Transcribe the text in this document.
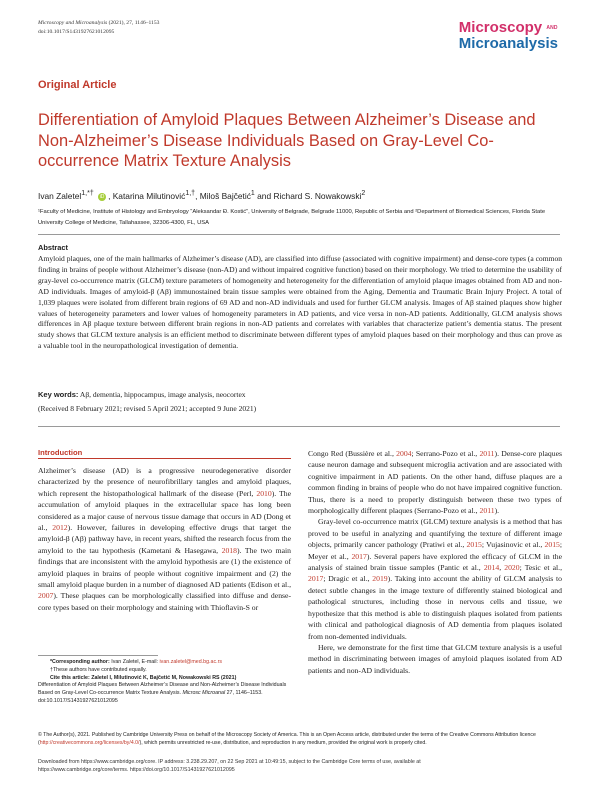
Microscopy and Microanalysis (2021), 27, 1146–1153
doi:10.1017/S1431927621012095	Microscopy AND
Microanalysis
Original Article
Differentiation of Amyloid Plaques Between Alzheimer’s Disease and Non-Alzheimer’s Disease Individuals Based on Gray-Level Co-occurrence Matrix Texture Analysis
Ivan Zaletel$^{1,*\dagger}$ iD , Katarina Milutinović$^{1,\dagger}$, Miloš Bajčetić$^1$ and Richard S. Nowakowski$^2$
¹Faculty of Medicine, Institute of Histology and Embryology “Aleksandar Đ. Kostić”, University of Belgrade, Belgrade 11000, Republic of Serbia and ²Department of Biomedical Sciences, Florida State University College of Medicine, Tallahassee, 32306-4300, FL, USA
Abstract
Amyloid plaques, one of the main hallmarks of Alzheimer’s disease (AD), are classified into diffuse (associated with cognitive impairment) and dense-core types (a common finding in brains of people without Alzheimer’s disease (non-AD) and without impaired cognitive function) based on their morphology. We tried to determine the usability of gray-level co-occurrence matrix (GLCM) texture parameters of homogeneity and heterogeneity for the differentiation of amyloid plaque images obtained from AD and non-AD individuals. Images of amyloid-β (Aβ) immunostained brain tissue samples were obtained from the Aging, Dementia and Traumatic Brain Injury Project. A total of 1,039 plaques were isolated from different brain regions of 69 AD and non-AD individuals and used for further GLCM analysis. Images of Aβ stained plaques show higher values of heterogeneity parameters and lower values of homogeneity parameters in AD patients, and vice versa in non-AD patients. Additionally, GLCM analysis shows differences in Aβ plaque texture between different brain regions in non-AD patients and correlates with variables that characterize patient’s dementia status. The present study shows that GLCM texture analysis is an efficient method to discriminate between different types of amyloid plaques based on their morphology and thus can prove as a valuable tool in the neuropathological investigation of dementia.
Key words: Aβ, dementia, hippocampus, image analysis, neocortex
(Received 8 February 2021; revised 5 April 2021; accepted 9 June 2021)
Introduction

Alzheimer’s disease (AD) is a progressive neurodegenerative disorder characterized by the presence of neurofibrillary tangles and amyloid plaques, which represent the histopathological hallmark of the disease (Perl, 2010). The accumulation of amyloid plaques in the extracellular space has long been considered as a major cause of nervous tissue damage that occurs in AD (Dong et al., 2012). However, failures in developing effective drugs that target the amyloid-β (Aβ) pathway have, in recent years, shifted the research focus from the amyloid to the tau hypothesis (Kametani & Hasegawa, 2018). The two main findings that are inconsistent with the amyloid hypothesis are (1) the existence of amyloid plaques in brains of people without cognitive impairment and (2) the small amyloid plaque burden in a number of diagnosed AD patients (Edison et al., 2007). These plaques can be morphologically classified into diffuse and dense-core types based on their morphology and staining with Thioflavin-S or

Congo Red (Bussière et al., 2004; Serrano-Pozo et al., 2011). Dense-core plaques cause neuron damage and subsequent microglia activation and are associated with cognitive impairment in AD patients. On the other hand, diffuse plaques are a common finding in brains of people who do not have impaired cognitive function. Thus, there is a need to properly distinguish between these two types of morphologically different plaques (Serrano-Pozo et al., 2011).

Gray-level co-occurrence matrix (GLCM) texture analysis is a method that has proved to be useful in analyzing and quantifying the texture of different image objects, primarily cancer pathology (Pratiwi et al., 2015; Vujasinovic et al., 2015; Meyer et al., 2017). Several papers have explored the efficacy of GLCM in the analysis of stained brain tissue samples (Pantic et al., 2014, 2020; Tesic et al., 2017; Dragic et al., 2019). Taking into account the ability of GLCM analysis to detect subtle changes in the image texture of differently stained biological and pathological structures, including those in nervous cells and tissue, we hypothesize that this method is able to distinguish plaques isolated from patients with clinical and pathological diagnosis of AD dementia from plaques isolated from non-demented individuals.

Here, we demonstrate for the first time that GLCM texture analysis is a useful method in discriminating between images of amyloid plaques isolated from AD patients and non-AD individuals.

*Corresponding author: Ivan Zaletel, E-mail: ivan.zaletel@med.bg.ac.rs

†These authors have contributed equally.

Cite this article: Zaletel I, Milutinović K, Bajčetić M, Nowakowski RS (2021)

Differentiation of Amyloid Plaques Between Alzheimer’s Disease and Non-Alzheimer’s Disease Individuals Based on Gray-Level Co-occurrence Matrix Texture Analysis. Microsc Microanal 27, 1146–1153. doi:10.1017/S1431927621012095

© The Author(s), 2021. Published by Cambridge University Press on behalf of the Microscopy Society of America. This is an Open Access article, distributed under the terms of the Creative Commons Attribution licence (http://creativecommons.org/licenses/by/4.0/), which permits unrestricted re-use, distribution, and reproduction in any medium, provided the original work is properly cited.
Downloaded from https://www.cambridge.org/core. IP address: 3.238.29.207, on 22 Sep 2021 at 10:49:15, subject to the Cambridge Core terms of use, available at
https://www.cambridge.org/core/terms. https://doi.org/10.1017/S1431927621012095
